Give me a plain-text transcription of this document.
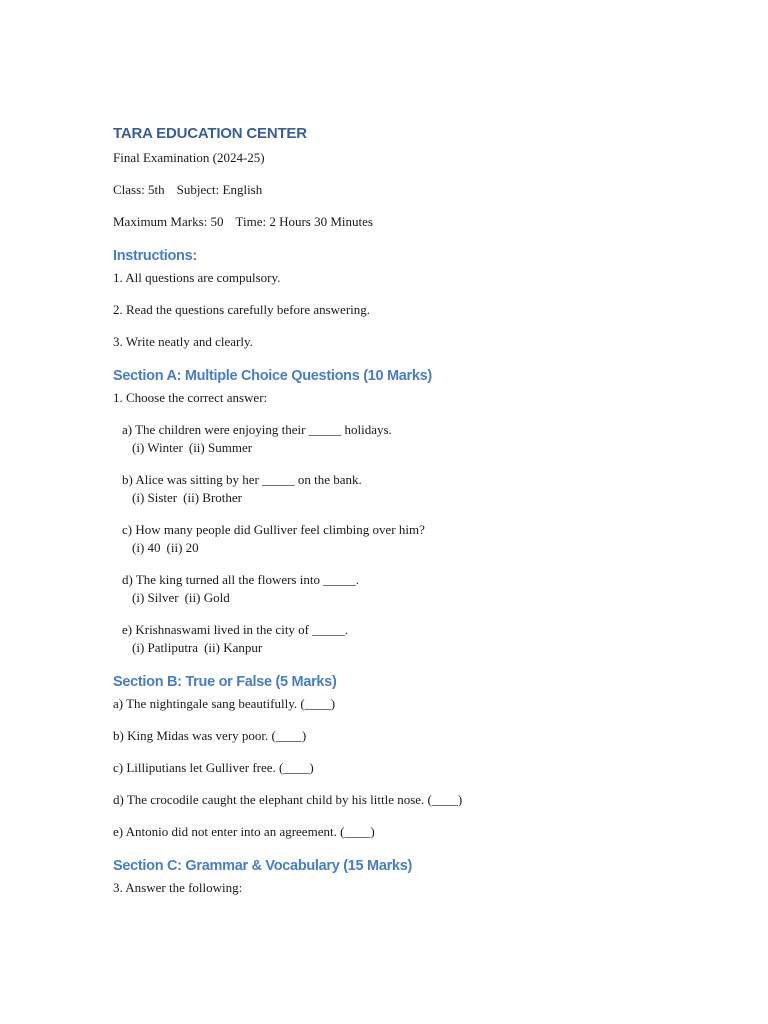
TARA EDUCATION CENTER
Final Examination (2024-25)
Class: 5th Subject: English
Maximum Marks: 50 Time: 2 Hours 30 Minutes
Instructions:
1. All questions are compulsory.
2. Read the questions carefully before answering.
3. Write neatly and clearly.
Section A: Multiple Choice Questions (10 Marks)
1. Choose the correct answer:
a) The children were enjoying their _____ holidays.
(i) Winter (ii) Summer
b) Alice was sitting by her _____ on the bank.
(i) Sister (ii) Brother
c) How many people did Gulliver feel climbing over him?
(i) 40 (ii) 20
d) The king turned all the flowers into _____.
(i) Silver (ii) Gold
e) Krishnaswami lived in the city of _____.
(i) Patliputra (ii) Kanpur
Section B: True or False (5 Marks)
a) The nightingale sang beautifully. (____)
b) King Midas was very poor. (____)
c) Lilliputians let Gulliver free. (____)
d) The crocodile caught the elephant child by his little nose. (____)
e) Antonio did not enter into an agreement. (____)
Section C: Grammar & Vocabulary (15 Marks)
3. Answer the following:
